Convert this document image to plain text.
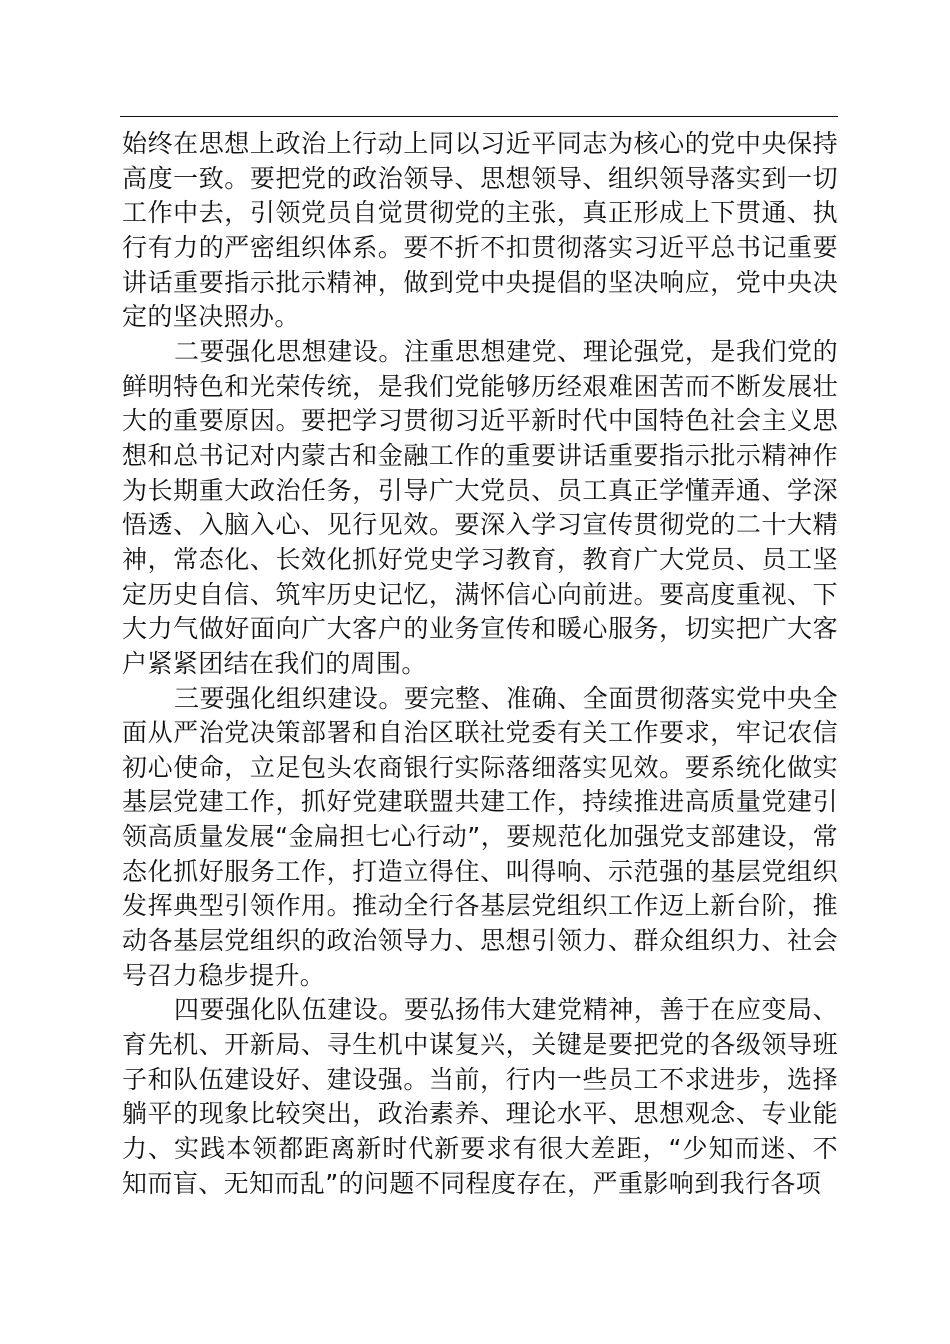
始终在思想上政治上行动上同以习近平同志为核心的党中央保持高度一致。要把党的政治领导、思想领导、组织领导落实到一切工作中去，引领党员自觉贯彻党的主张，真正形成上下贯通、执行有力的严密组织体系。要不折不扣贯彻落实习近平总书记重要讲话重要指示批示精神，做到党中央提倡的坚决响应，党中央决定的坚决照办。

二要强化思想建设。注重思想建党、理论强党，是我们党的鲜明特色和光荣传统，是我们党能够历经艰难困苦而不断发展壮大的重要原因。要把学习贯彻习近平新时代中国特色社会主义思想和总书记对内蒙古和金融工作的重要讲话重要指示批示精神作为长期重大政治任务，引导广大党员、员工真正学懂弄通、学深悟透、入脑入心、见行见效。要深入学习宣传贯彻党的二十大精神，常态化、长效化抓好党史学习教育，教育广大党员、员工坚定历史自信、筑牢历史记忆，满怀信心向前进。要高度重视、下大力气做好面向广大客户的业务宣传和暖心服务，切实把广大客户紧紧团结在我们的周围。

三要强化组织建设。要完整、准确、全面贯彻落实党中央全面从严治党决策部署和自治区联社党委有关工作要求，牢记农信初心使命，立足包头农商银行实际落细落实见效。要系统化做实基层党建工作，抓好党建联盟共建工作，持续推进高质量党建引领高质量发展“金扁担七心行动”，要规范化加强党支部建设，常态化抓好服务工作，打造立得住、叫得响、示范强的基层党组织发挥典型引领作用。推动全行各基层党组织工作迈上新台阶，推动各基层党组织的政治领导力、思想引领力、群众组织力、社会号召力稳步提升。

四要强化队伍建设。要弘扬伟大建党精神，善于在应变局、育先机、开新局、寻生机中谋复兴，关键是要把党的各级领导班子和队伍建设好、建设强。当前，行内一些员工不求进步，选择躺平的现象比较突出，政治素养、理论水平、思想观念、专业能力、实践本领都距离新时代新要求有很大差距，“少知而迷、不知而盲、无知而乱”的问题不同程度存在，严重影响到我行各项
